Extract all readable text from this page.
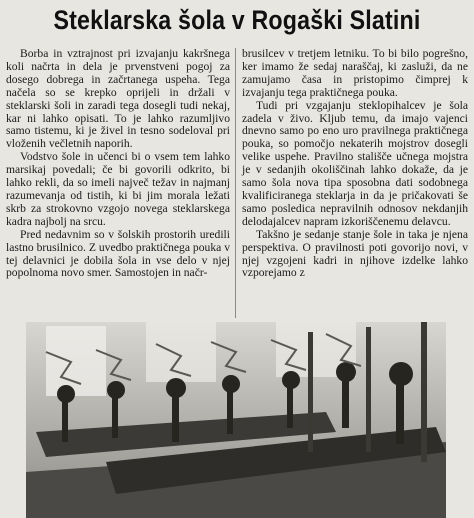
Steklarska šola v Rogaški Slatini

Borba in vztrajnost pri izvajanju kakršnega koli načrta in dela je prvenstveni pogoj za dosego dobrega in začrtanega uspeha. Tega načela so se krepko oprijeli in držali v steklarski šoli in zaradi tega dosegli tudi nekaj, kar ni lahko opisati. To je lahko razumljivo samo tistemu, ki je živel in tesno sodeloval pri vloženih večletnih naporih.

Vodstvo šole in učenci bi o vsem tem lahko marsikaj povedali; če bi govorili odkrito, bi lahko rekli, da so imeli največ težav in najmanj razumevanja od tistih, ki bi jim morala ležati skrb za strokovno vzgojo novega steklarskega kadra najbolj na srcu.

Pred nedavnim so v šolskih prostorih uredili lastno brusilnico. Z uvedbo praktičnega pouka v tej delavnici je dobila šola in vse delo v njej popolnoma novo smer. Samostojen in načr-

brusilcev v tretjem letniku. To bi bilo pogrešno, ker imamo že sedaj naraščaj, ki zasluži, da ne zamujamo časa in pristopimo čimprej k izvajanju tega praktičnega pouka.

Tudi pri vzgajanju steklopihalcev je šola zadela v živo. Kljub temu, da imajo vajenci dnevno samo po eno uro pravilnega praktičnega pouka, so pomočjo nekaterih mojstrov dosegli velike uspehe. Pravilno stališče učnega mojstra je v sedanjih okoliščinah lahko dokaže, da je samo šola nova tipa sposobna dati sodobnega kvalificiranega steklarja in da je pričakovati še samo posledica nepravilnih odnosov nekdanjih delodajalcev napram izkoriščenemu delavcu.

Takšno je sedanje stanje šole in taka je njena perspektiva. O pravilnosti poti govorijo novi, v njej vzgojeni kadri in njihove izdelke lahko vzporejamo z
